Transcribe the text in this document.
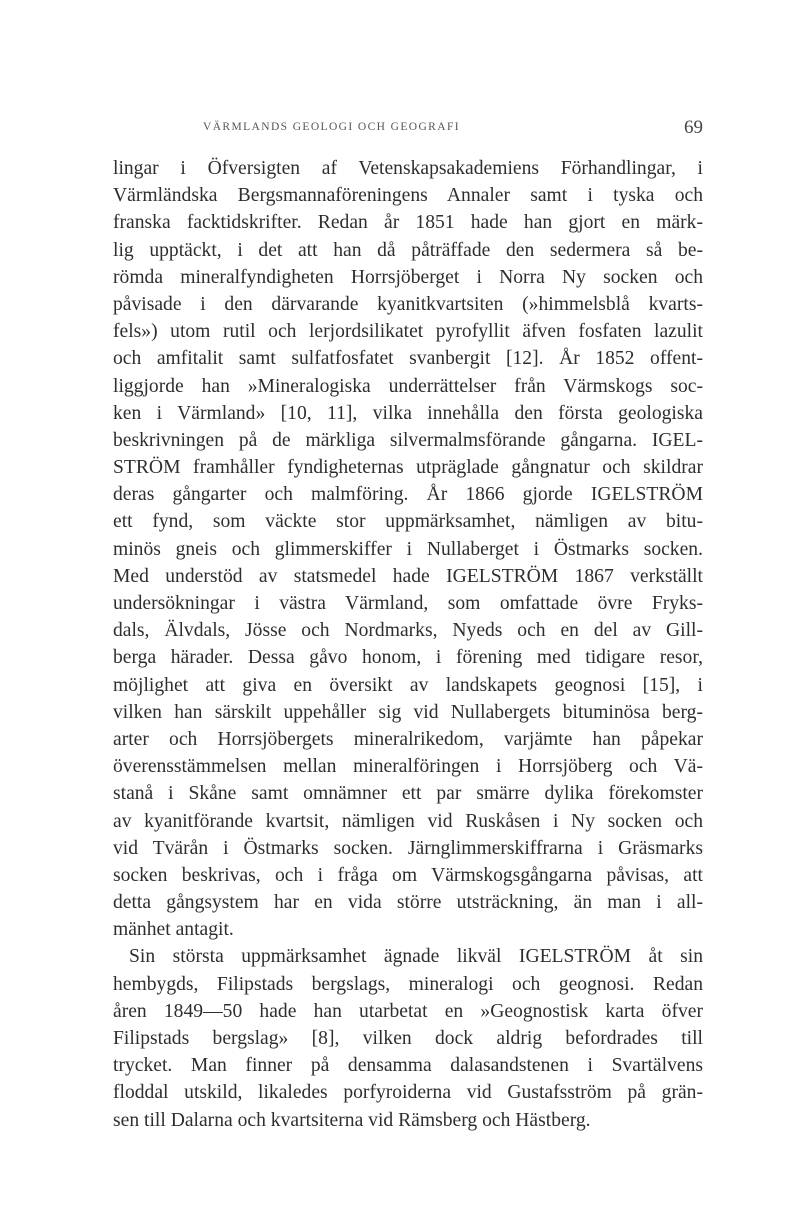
VÄRMLANDS GEOLOGI OCH GEOGRAFI	69
lingar i Öfversigten af Vetenskapsakademiens Förhandlingar, i
Värmländska Bergsmannaföreningens Annaler samt i tyska och
franska facktidskrifter. Redan år 1851 hade han gjort en märk-
lig upptäckt, i det att han då påträffade den sedermera så be-
römda mineralfyndigheten Horrsjöberget i Norra Ny socken och
påvisade i den därvarande kyanitkvartsiten (»himmelsblå kvarts-
fels») utom rutil och lerjordsilikatet pyrofyllit äfven fosfaten lazulit
och amfitalit samt sulfatfosfatet svanbergit [12]. År 1852 offent-
liggjorde han »Mineralogiska underrättelser från Värmskogs soc-
ken i Värmland» [10, 11], vilka innehålla den första geologiska
beskrivningen på de märkliga silvermalmsförande gångarna. IGEL-
STRÖM framhåller fyndigheternas utpräglade gångnatur och skildrar
deras gångarter och malmföring. År 1866 gjorde IGELSTRÖM
ett fynd, som väckte stor uppmärksamhet, nämligen av bitu-
minös gneis och glimmerskiffer i Nullaberget i Östmarks socken.
Med understöd av statsmedel hade IGELSTRÖM 1867 verkställt
undersökningar i västra Värmland, som omfattade övre Fryks-
dals, Älvdals, Jösse och Nordmarks, Nyeds och en del av Gill-
berga härader. Dessa gåvo honom, i förening med tidigare resor,
möjlighet att giva en översikt av landskapets geognosi [15], i
vilken han särskilt uppehåller sig vid Nullabergets bituminösa berg-
arter och Horrsjöbergets mineralrikedom, varjämte han påpekar
överensstämmelsen mellan mineralföringen i Horrsjöberg och Vä-
stanå i Skåne samt omnämner ett par smärre dylika förekomster
av kyanitförande kvartsit, nämligen vid Ruskåsen i Ny socken och
vid Tvärån i Östmarks socken. Järnglimmerskiffrarna i Gräsmarks
socken beskrivas, och i fråga om Värmskogsgångarna påvisas, att
detta gångsystem har en vida större utsträckning, än man i all-
mänhet antagit.
Sin största uppmärksamhet ägnade likväl IGELSTRÖM åt sin
hembygds, Filipstads bergslags, mineralogi och geognosi. Redan
åren 1849—50 hade han utarbetat en »Geognostisk karta öfver
Filipstads bergslag» [8], vilken dock aldrig befordrades till
trycket. Man finner på densamma dalasandstenen i Svartälvens
floddal utskild, likaledes porfyroiderna vid Gustafsström på grän-
sen till Dalarna och kvartsiterna vid Rämsberg och Hästberg.
